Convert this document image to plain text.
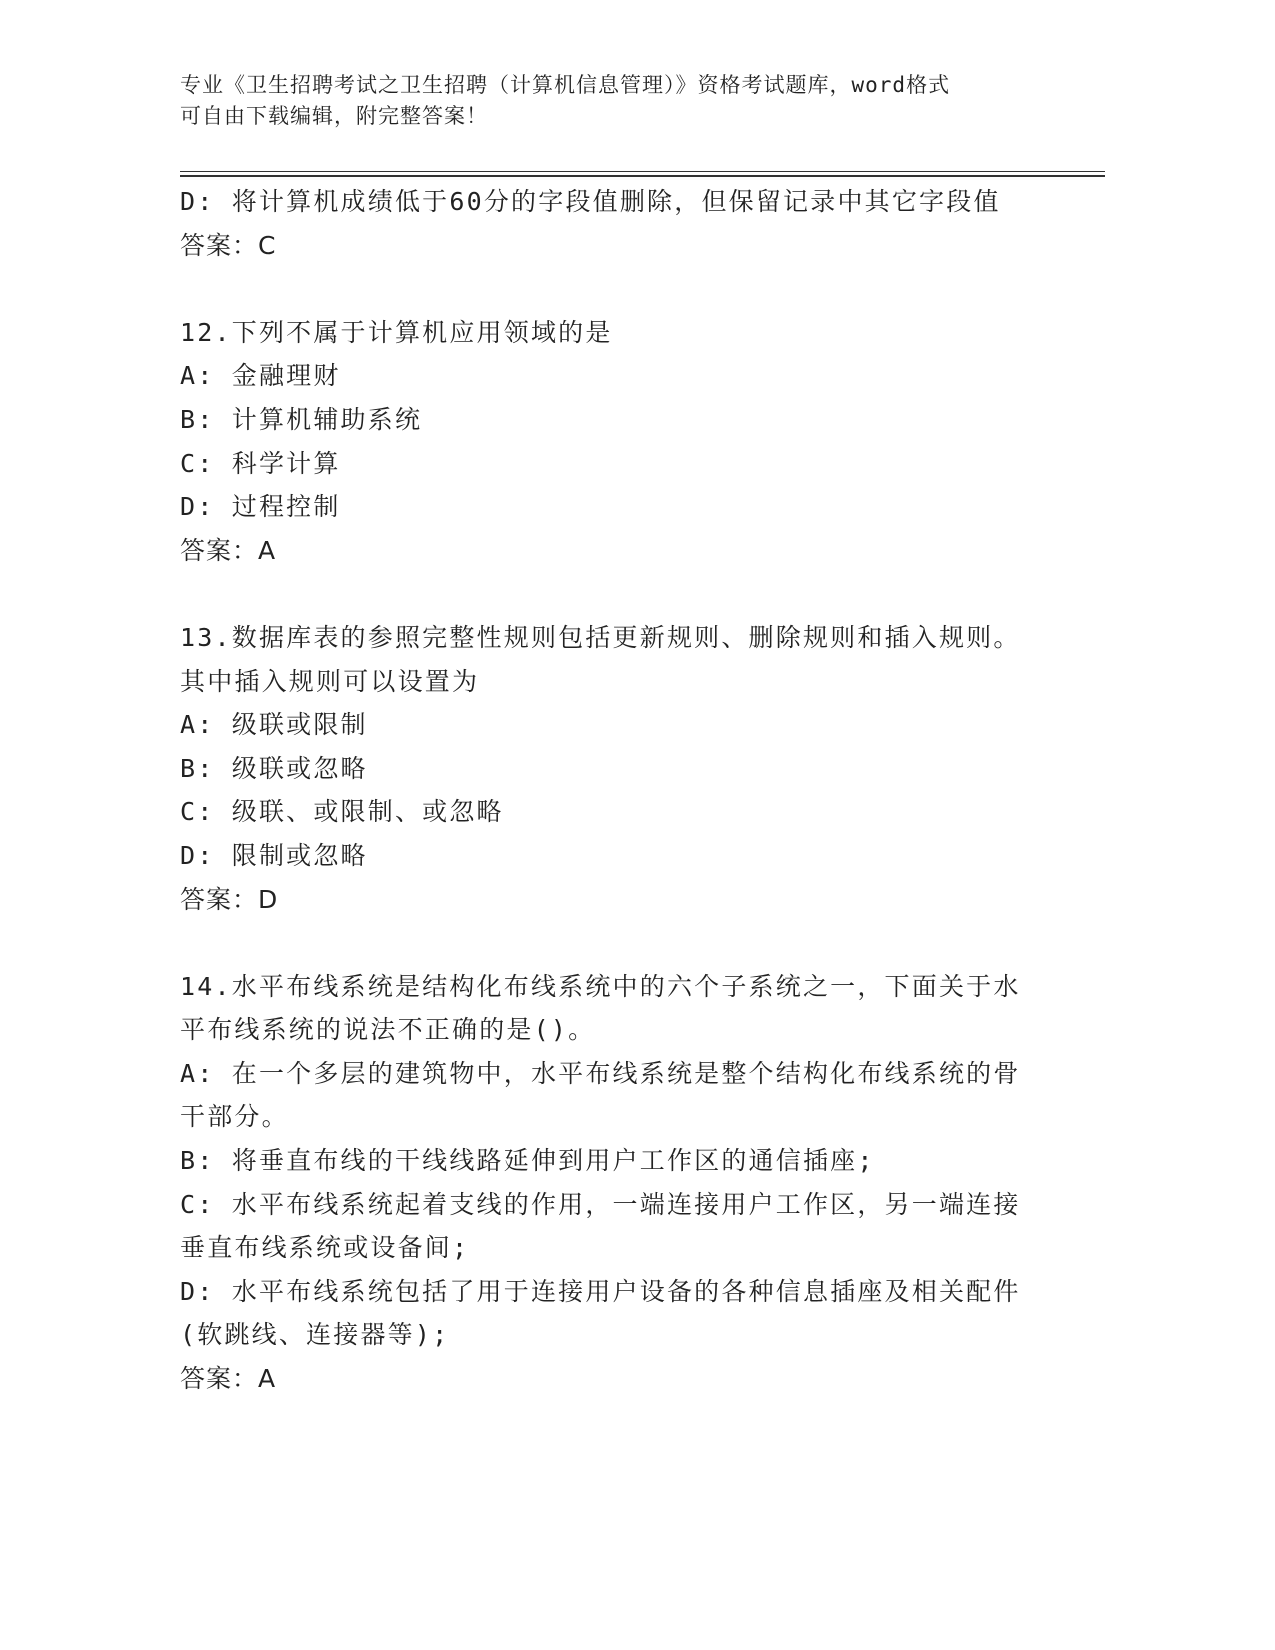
专业《卫生招聘考试之卫生招聘（计算机信息管理）》资格考试题库，word格式
可自由下载编辑，附完整答案！
D: 将计算机成绩低于60分的字段值删除，但保留记录中其它字段值
答案：C
12.下列不属于计算机应用领域的是
A: 金融理财
B: 计算机辅助系统
C: 科学计算
D: 过程控制
答案：A
13.数据库表的参照完整性规则包括更新规则、删除规则和插入规则。
其中插入规则可以设置为
A: 级联或限制
B: 级联或忽略
C: 级联、或限制、或忽略
D: 限制或忽略
答案：D
14.水平布线系统是结构化布线系统中的六个子系统之一，下面关于水
平布线系统的说法不正确的是()。
A: 在一个多层的建筑物中，水平布线系统是整个结构化布线系统的骨
干部分。
B: 将垂直布线的干线线路延伸到用户工作区的通信插座;
C: 水平布线系统起着支线的作用，一端连接用户工作区，另一端连接
垂直布线系统或设备间;
D: 水平布线系统包括了用于连接用户设备的各种信息插座及相关配件
(软跳线、连接器等);
答案：A
